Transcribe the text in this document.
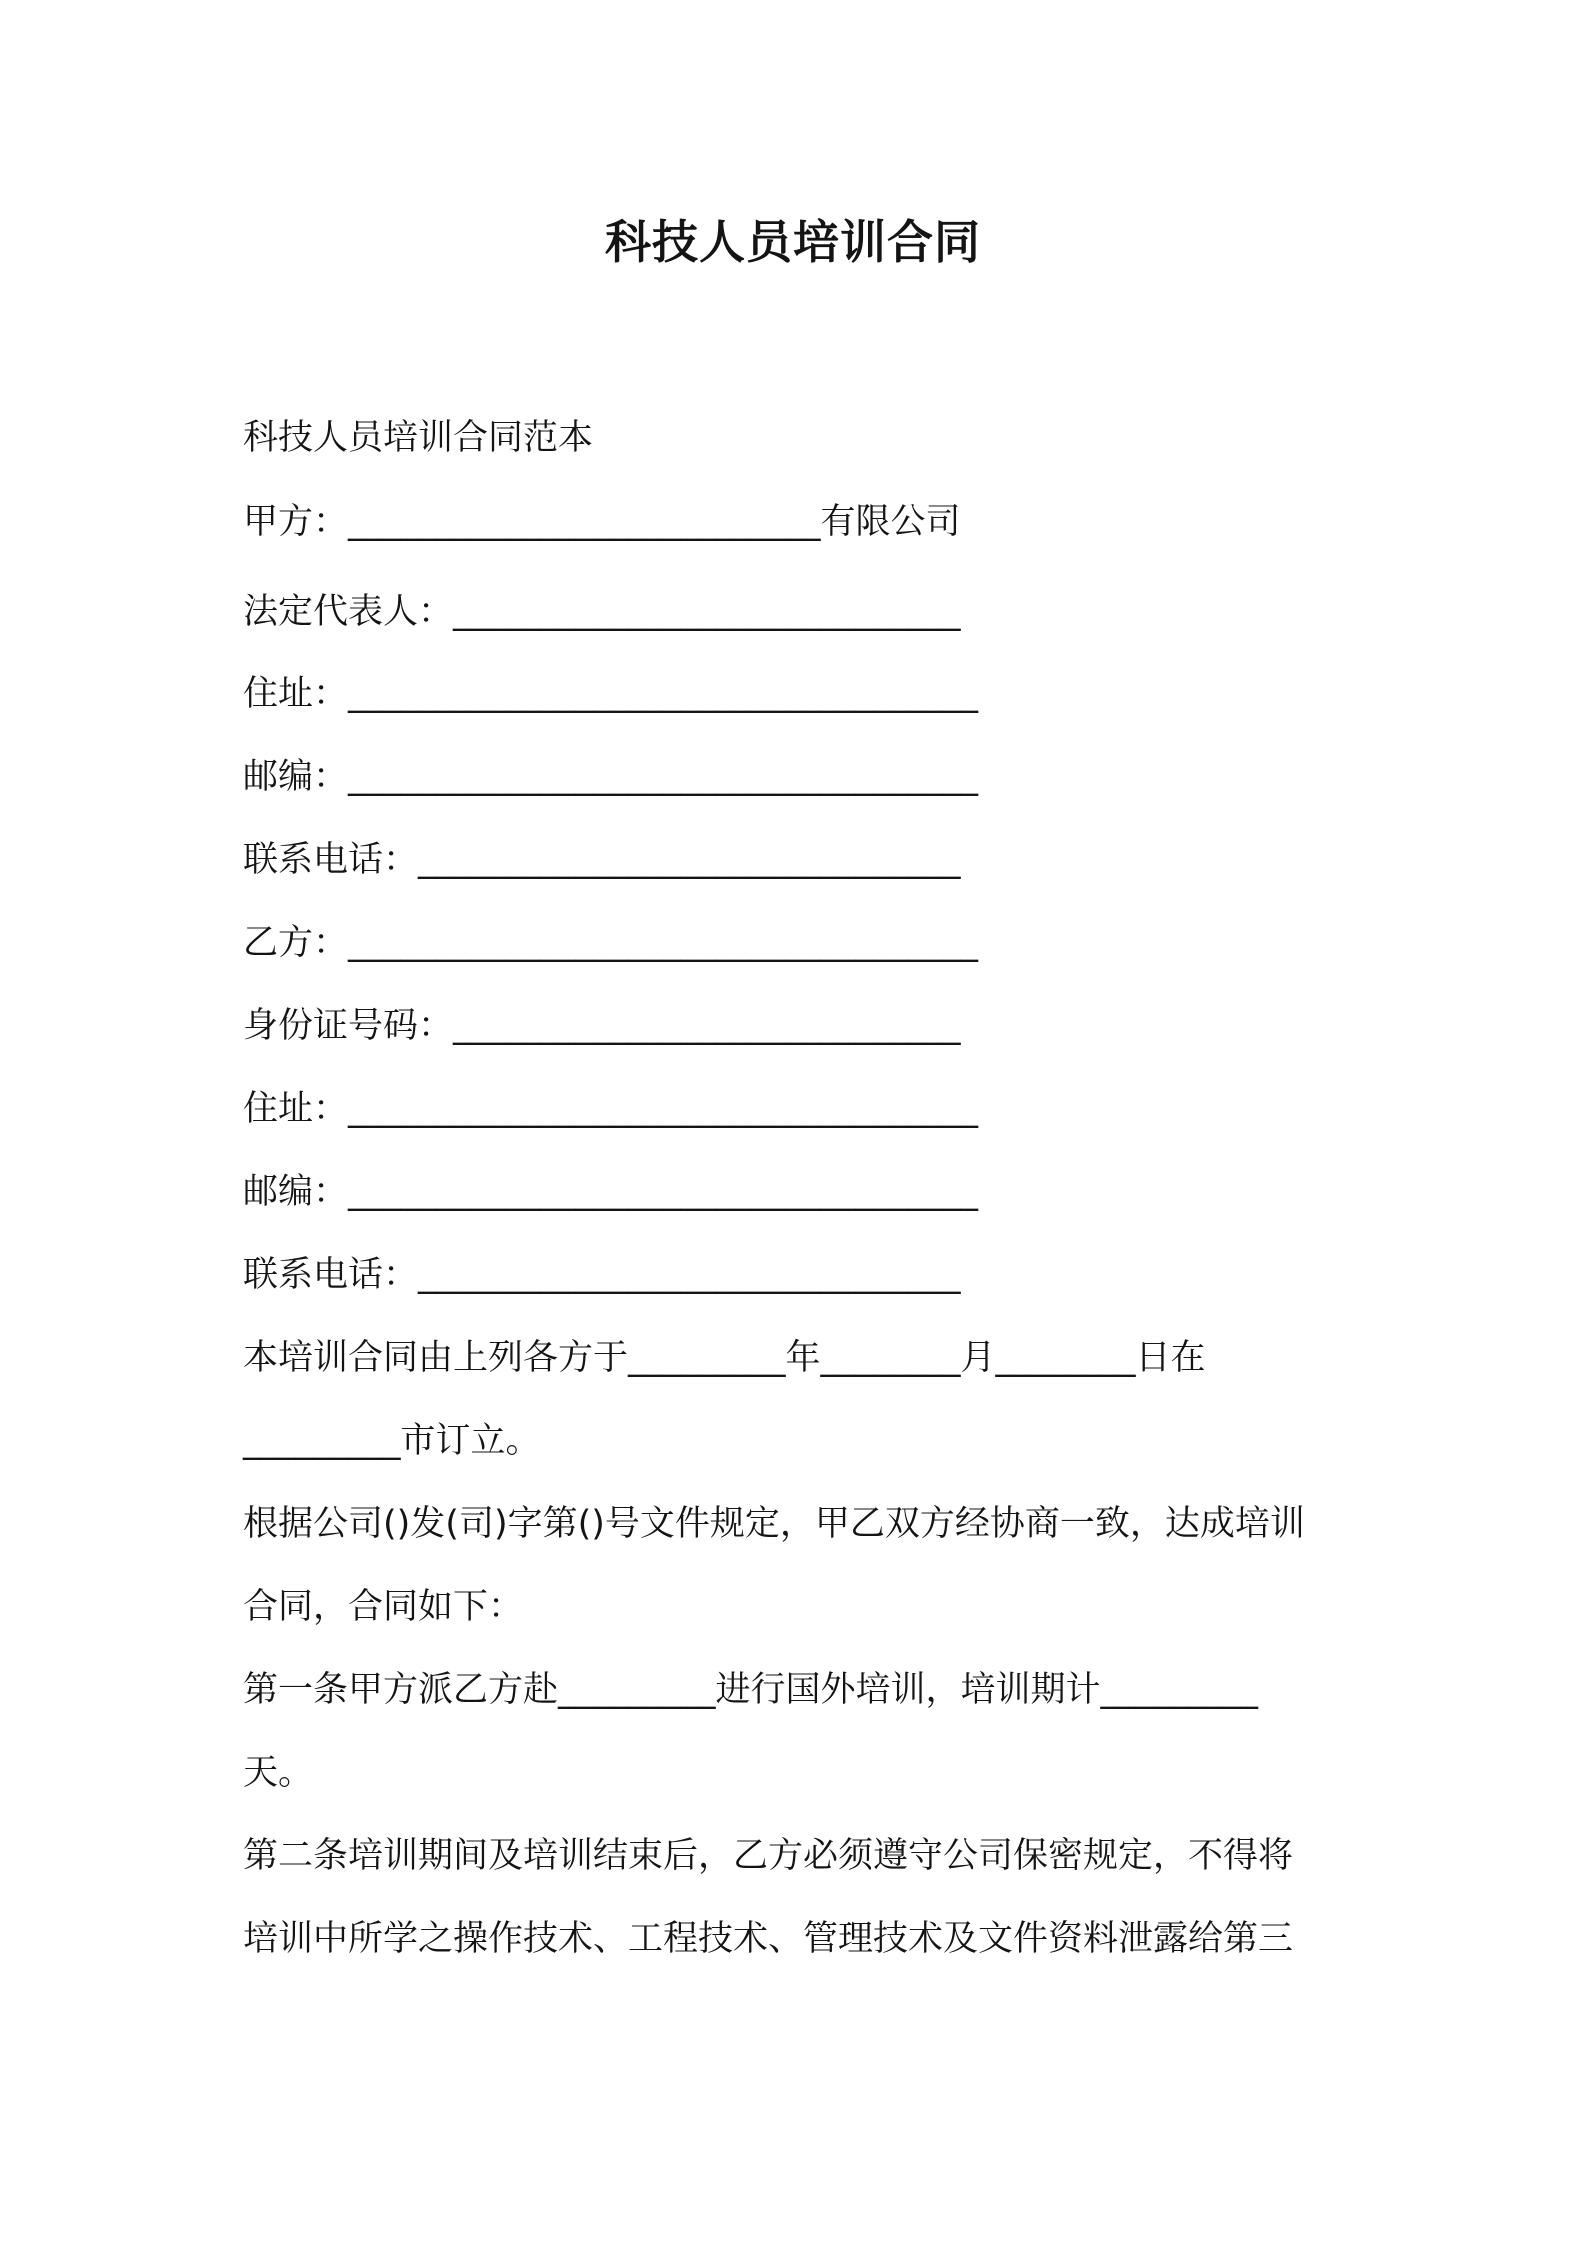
科技人员培训合同
科技人员培训合同范本
甲方：___________________________有限公司
法定代表人：_____________________________
住址：____________________________________
邮编：____________________________________
联系电话：_______________________________
乙方：____________________________________
身份证号码：_____________________________
住址：____________________________________
邮编：____________________________________
联系电话：_______________________________
本培训合同由上列各方于_________年________月________日在
_________市订立。
根据公司()发(司)字第()号文件规定，甲乙双方经协商一致，达成培训
合同，合同如下：
第一条甲方派乙方赴_________进行国外培训，培训期计_________
天。
第二条培训期间及培训结束后，乙方必须遵守公司保密规定，不得将
培训中所学之操作技术、工程技术、管理技术及文件资料泄露给第三
